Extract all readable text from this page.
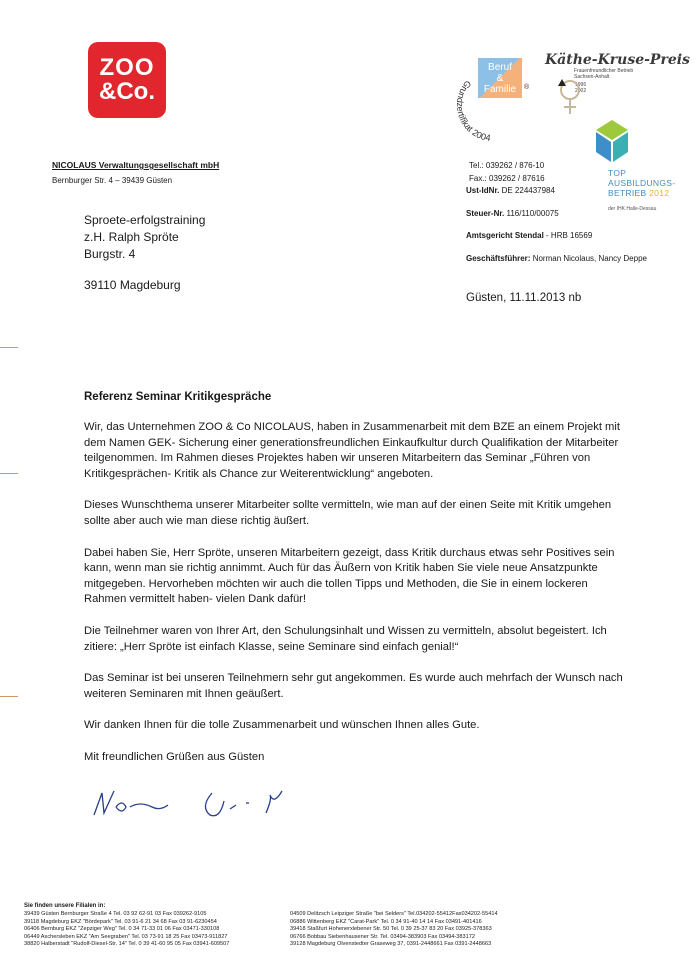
ZOO
&Co.	Grundzertifikat 2004
Beruf
&
Familie	®
Käthe-Kruse-Preis
Frauenfreundlicher Betrieb
Sachsen-Anhalt
1996
2002
TOP
AUSBILDUNGS-
BETRIEB 2012
der IHK Halle-Dessau
NICOLAUS Verwaltungsgesellschaft mbH
Bernburger Str. 4 – 39439 Güsten
Sproete-erfolgstraining
z.H. Ralph Spröte
Burgstr. 4
39110 Magdeburg
Tel.: 039262 / 876-10
Fax.: 039262 / 87616
Ust-IdNr. DE 224437984
Steuer-Nr. 116/110/00075
Amtsgericht Stendal - HRB 16569
Geschäftsführer: Norman Nicolaus, Nancy Deppe
Güsten, 11.11.2013 nb
Referenz Seminar Kritikgespräche

Wir, das Unternehmen ZOO & Co NICOLAUS, haben in Zusammenarbeit mit dem BZE an einem Projekt mit dem Namen GEK- Sicherung einer generationsfreundlichen Einkaufkultur durch Qualifikation der Mitarbeiter teilgenommen. Im Rahmen dieses Projektes haben wir unseren Mitarbeitern das Seminar „Führen von Kritikgesprächen- Kritik als Chance zur Weiterentwicklung“ angeboten.

Dieses Wunschthema unserer Mitarbeiter sollte vermitteln, wie man auf der einen Seite mit Kritik umgehen sollte aber auch wie man diese richtig äußert.

Dabei haben Sie, Herr Spröte, unseren Mitarbeitern gezeigt, dass Kritik durchaus etwas sehr Positives sein kann, wenn man sie richtig annimmt. Auch für das Äußern von Kritik haben Sie viele neue Ansatzpunkte mitgegeben. Hervorheben möchten wir auch die tollen Tipps und Methoden, die Sie in einem lockeren Rahmen vermittelt haben- vielen Dank dafür!

Die Teilnehmer waren von Ihrer Art, den Schulungsinhalt und Wissen zu vermitteln, absolut begeistert. Ich zitiere: „Herr Spröte ist einfach Klasse, seine Seminare sind einfach genial!“

Das Seminar ist bei unseren Teilnehmern sehr gut angekommen. Es wurde auch mehrfach der Wunsch nach weiteren Seminaren mit Ihnen geäußert.

Wir danken Ihnen für die tolle Zusammenarbeit und wünschen Ihnen alles Gute.

Mit freundlichen Grüßen aus Güsten

Sie finden unsere Filialen in:
39439 Güsten Bernburger Straße 4 Tel. 03 92 62-91 03 Fax 039262-9105
39118 Magdeburg EKZ "Bördepark" Tel. 03 91-6 21 34 68 Fax 03 91-6230454
06406 Bernburg EKZ "Zepziger Weg" Tel. 0 34 71-33 01 06 Fax 03471-330108
06449 Aschersleben EKZ "Am Seegraben" Tel. 03 73-91 18 25 Fax 03473-911827
38820 Halberstadt "Rudolf-Diesel-Str. 14" Tel. 0 39 41-60 95 05 Fax 03941-609507
04509 Delitzsch Leipziger Straße "bei Selders" Tel.034202-55412Fax034202-55414
06886 Wittenberg EKZ "Carat-Park" Tel. 0 34 91-40 14 14 Fax 03491-401416
39418 Staßfurt Hohenerxlebener Str. 50 Tel. 0 39 25-37 83 20 Fax 03925-378363
06766 Bobbau Siebenhausener Str. Tel. 03494-383903 Fax 03494-383172
39128 Magdeburg Olvenstedter Graseweg 37, 0391-2448661 Fax 0391-2448663
